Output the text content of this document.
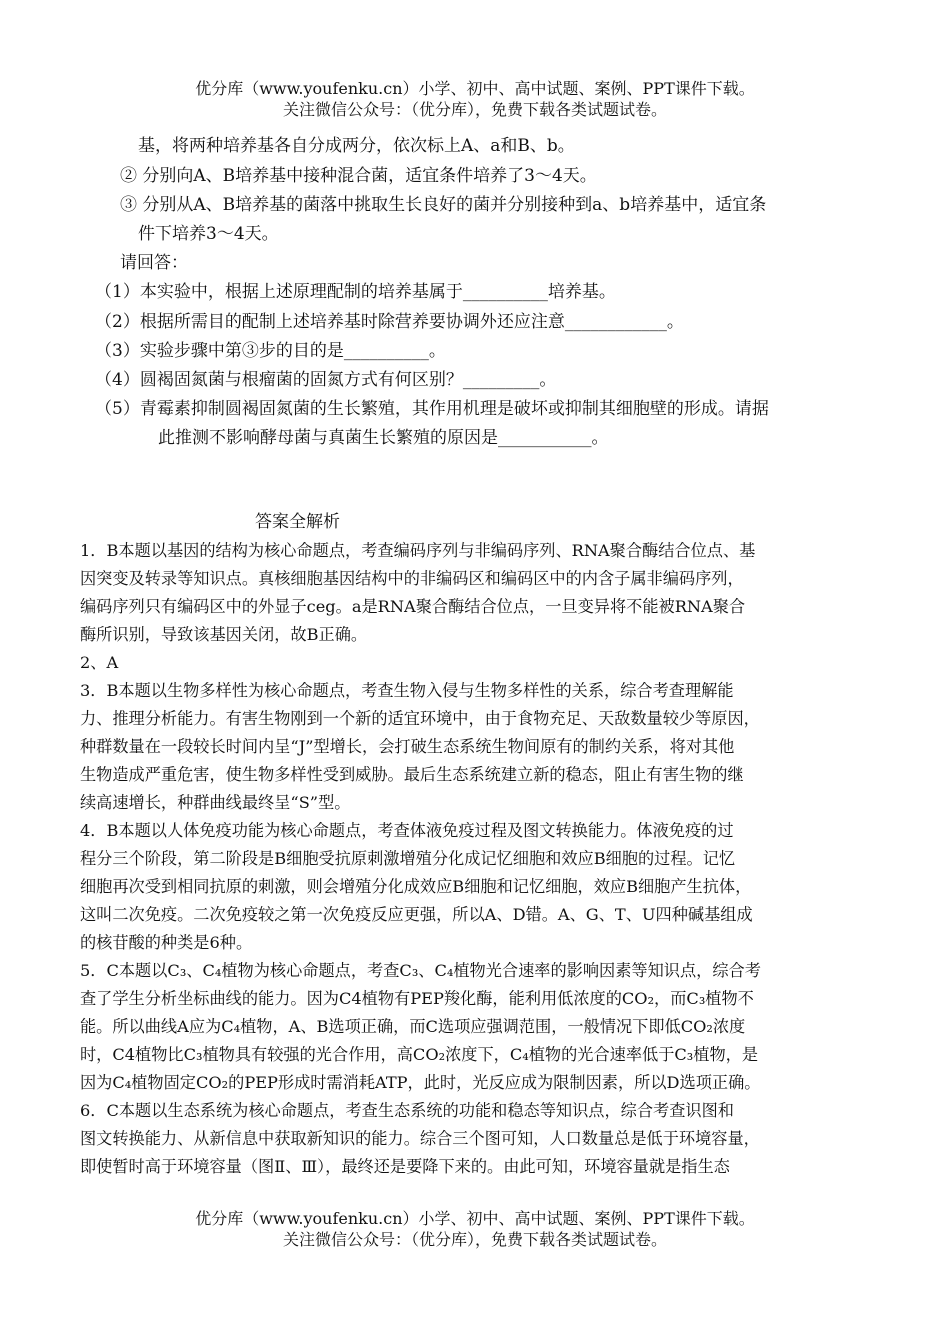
优分库（www.youfenku.cn）小学、初中、高中试题、案例、PPT课件下载。
关注微信公众号：（优分库），免费下载各类试题试卷。
基，将两种培养基各自分成两分，依次标上A、a和B、b。
② 分别向A、B培养基中接种混合菌，适宜条件培养了3～4天。
③ 分别从A、B培养基的菌落中挑取生长良好的菌并分别接种到a、b培养基中，适宜条
件下培养3～4天。
请回答：
（1）本实验中，根据上述原理配制的培养基属于__________培养基。
（2）根据所需目的配制上述培养基时除营养要协调外还应注意____________。
（3）实验步骤中第③步的目的是__________。
（4）圆褐固氮菌与根瘤菌的固氮方式有何区别？_________。
（5）青霉素抑制圆褐固氮菌的生长繁殖，其作用机理是破坏或抑制其细胞壁的形成。请据
此推测不影响酵母菌与真菌生长繁殖的原因是___________。
答案全解析
1．B本题以基因的结构为核心命题点，考查编码序列与非编码序列、RNA聚合酶结合位点、基
因突变及转录等知识点。真核细胞基因结构中的非编码区和编码区中的内含子属非编码序列，
编码序列只有编码区中的外显子ceg。a是RNA聚合酶结合位点，一旦变异将不能被RNA聚合
酶所识别，导致该基因关闭，故B正确。
2、A
3．B本题以生物多样性为核心命题点，考查生物入侵与生物多样性的关系，综合考查理解能
力、推理分析能力。有害生物刚到一个新的适宜环境中，由于食物充足、天敌数量较少等原因，
种群数量在一段较长时间内呈“J”型增长，会打破生态系统生物间原有的制约关系，将对其他
生物造成严重危害，使生物多样性受到威胁。最后生态系统建立新的稳态，阻止有害生物的继
续高速增长，种群曲线最终呈“S”型。
4．B本题以人体免疫功能为核心命题点，考查体液免疫过程及图文转换能力。体液免疫的过
程分三个阶段，第二阶段是B细胞受抗原刺激增殖分化成记忆细胞和效应B细胞的过程。记忆
细胞再次受到相同抗原的刺激，则会增殖分化成效应B细胞和记忆细胞，效应B细胞产生抗体，
这叫二次免疫。二次免疫较之第一次免疫反应更强，所以A、D错。A、G、T、U四种碱基组成
的核苷酸的种类是6种。
5．C本题以C₃、C₄植物为核心命题点，考查C₃、C₄植物光合速率的影响因素等知识点，综合考
查了学生分析坐标曲线的能力。因为C4植物有PEP羧化酶，能利用低浓度的CO₂，而C₃植物不
能。所以曲线A应为C₄植物，A、B选项正确，而C选项应强调范围，一般情况下即低CO₂浓度
时，C4植物比C₃植物具有较强的光合作用，高CO₂浓度下，C₄植物的光合速率低于C₃植物，是
因为C₄植物固定CO₂的PEP形成时需消耗ATP，此时，光反应成为限制因素，所以D选项正确。
6．C本题以生态系统为核心命题点，考查生态系统的功能和稳态等知识点，综合考查识图和
图文转换能力、从新信息中获取新知识的能力。综合三个图可知，人口数量总是低于环境容量，
即使暂时高于环境容量（图Ⅱ、Ⅲ），最终还是要降下来的。由此可知，环境容量就是指生态
优分库（www.youfenku.cn）小学、初中、高中试题、案例、PPT课件下载。
关注微信公众号：（优分库），免费下载各类试题试卷。
